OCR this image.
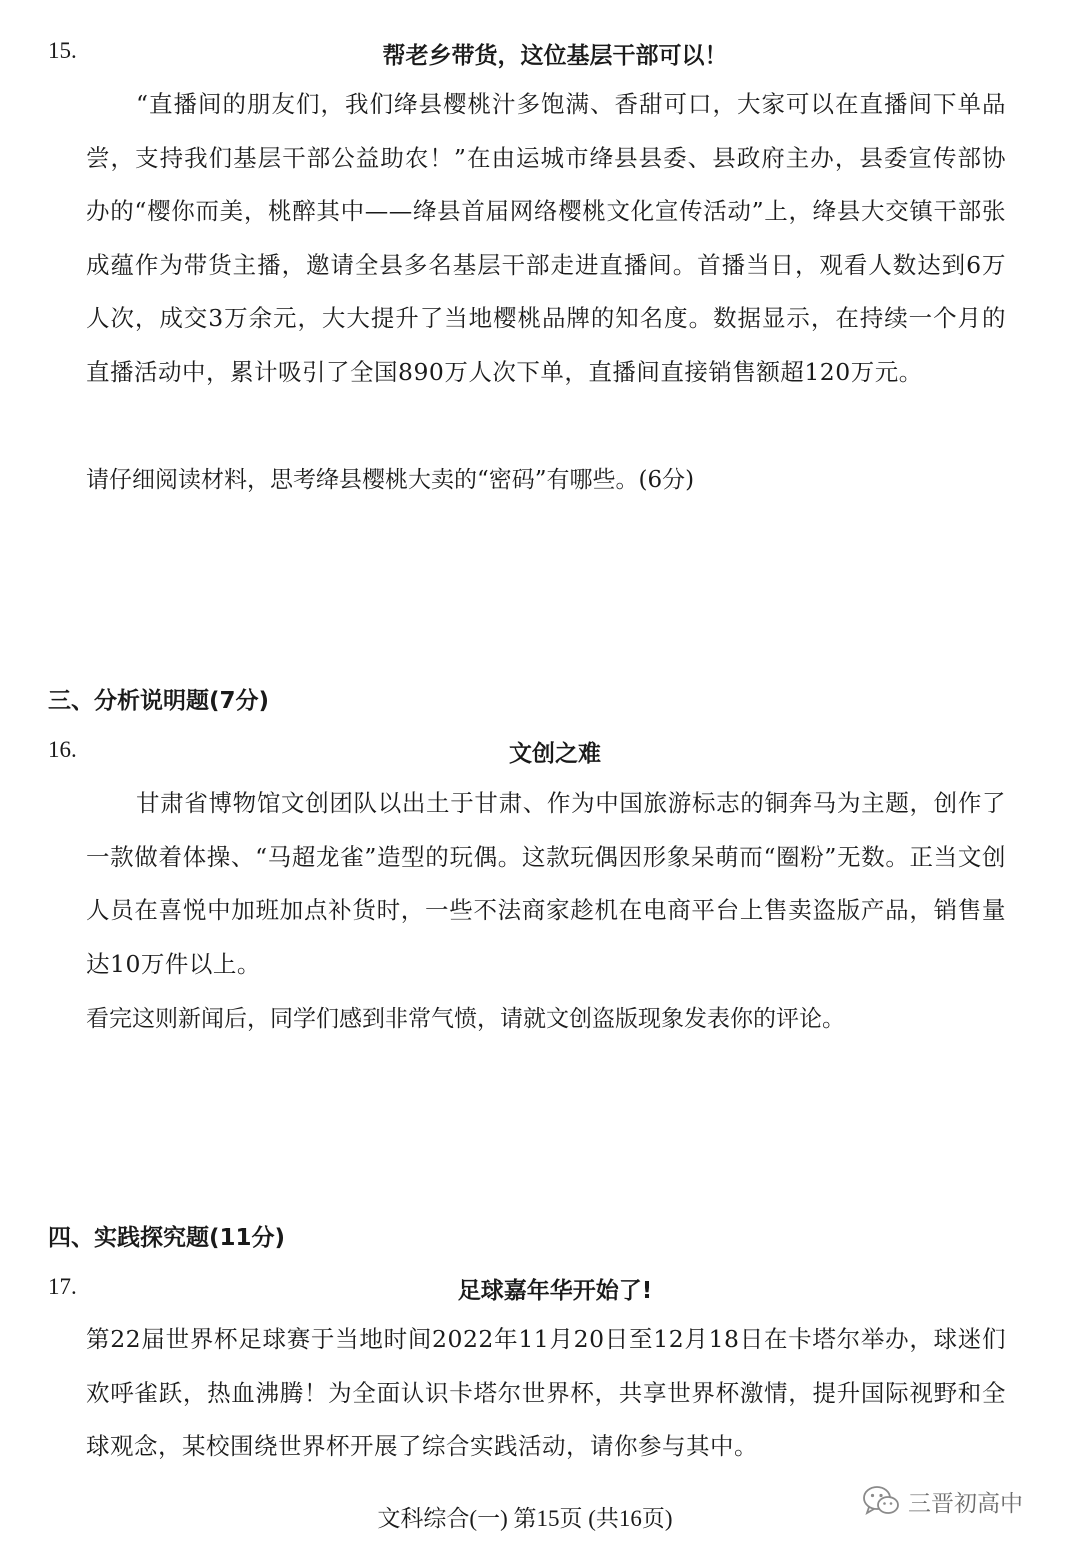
15.	帮老乡带货，这位基层干部可以！
“直播间的朋友们，我们绛县樱桃汁多饱满、香甜可口，大家可以在直播间下单品尝，支持我们基层干部公益助农！”在由运城市绛县县委、县政府主办，县委宣传部协办的“樱你而美，桃醉其中——绛县首届网络樱桃文化宣传活动”上，绛县大交镇干部张成蕴作为带货主播，邀请全县多名基层干部走进直播间。首播当日，观看人数达到6万人次，成交3万余元，大大提升了当地樱桃品牌的知名度。数据显示，在持续一个月的直播活动中，累计吸引了全国890万人次下单，直播间直接销售额超120万元。
请仔细阅读材料，思考绛县樱桃大卖的“密码”有哪些。(6分)
三、分析说明题(7分)
16.	文创之难
甘肃省博物馆文创团队以出土于甘肃、作为中国旅游标志的铜奔马为主题，创作了一款做着体操、“马超龙雀”造型的玩偶。这款玩偶因形象呆萌而“圈粉”无数。正当文创人员在喜悦中加班加点补货时，一些不法商家趁机在电商平台上售卖盗版产品，销售量达10万件以上。
看完这则新闻后，同学们感到非常气愤，请就文创盗版现象发表你的评论。
四、实践探究题(11分)
17.	足球嘉年华开始了!
第22届世界杯足球赛于当地时间2022年11月20日至12月18日在卡塔尔举办，球迷们欢呼雀跃，热血沸腾！为全面认识卡塔尔世界杯，共享世界杯激情，提升国际视野和全球观念，某校围绕世界杯开展了综合实践活动，请你参与其中。
文科综合(一) 第15页 (共16页)
三晋初高中
